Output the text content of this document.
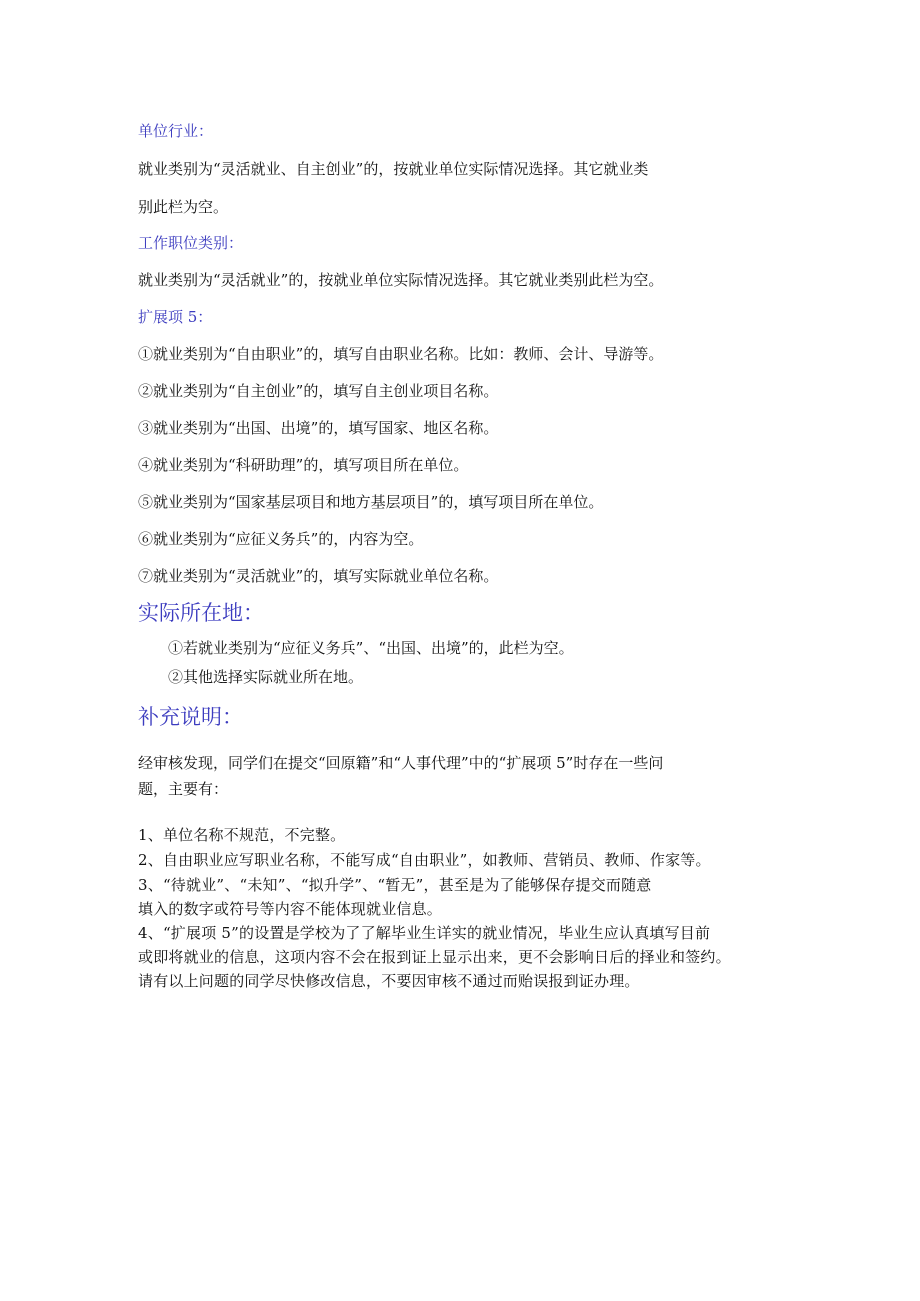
单位行业：
就业类别为“灵活就业、自主创业”的，按就业单位实际情况选择。其它就业类
别此栏为空。
工作职位类别：
就业类别为“灵活就业”的，按就业单位实际情况选择。其它就业类别此栏为空。
扩展项 5：
①就业类别为“自由职业”的，填写自由职业名称。比如：教师、会计、导游等。
②就业类别为“自主创业”的，填写自主创业项目名称。
③就业类别为“出国、出境”的，填写国家、地区名称。
④就业类别为“科研助理”的，填写项目所在单位。
⑤就业类别为“国家基层项目和地方基层项目”的，填写项目所在单位。
⑥就业类别为“应征义务兵”的，内容为空。
⑦就业类别为“灵活就业”的，填写实际就业单位名称。
实际所在地：
①若就业类别为“应征义务兵”、“出国、出境”的，此栏为空。
②其他选择实际就业所在地。
补充说明：
经审核发现，同学们在提交“回原籍”和“人事代理”中的“扩展项 5”时存在一些问
题，主要有：
1、单位名称不规范，不完整。
2、自由职业应写职业名称，不能写成“自由职业”，如教师、营销员、教师、作家等。
3、“待就业”、“未知”、“拟升学”、“暂无”，甚至是为了能够保存提交而随意
填入的数字或符号等内容不能体现就业信息。
4、“扩展项 5”的设置是学校为了了解毕业生详实的就业情况，毕业生应认真填写目前
或即将就业的信息，这项内容不会在报到证上显示出来，更不会影响日后的择业和签约。
请有以上问题的同学尽快修改信息，不要因审核不通过而贻误报到证办理。
